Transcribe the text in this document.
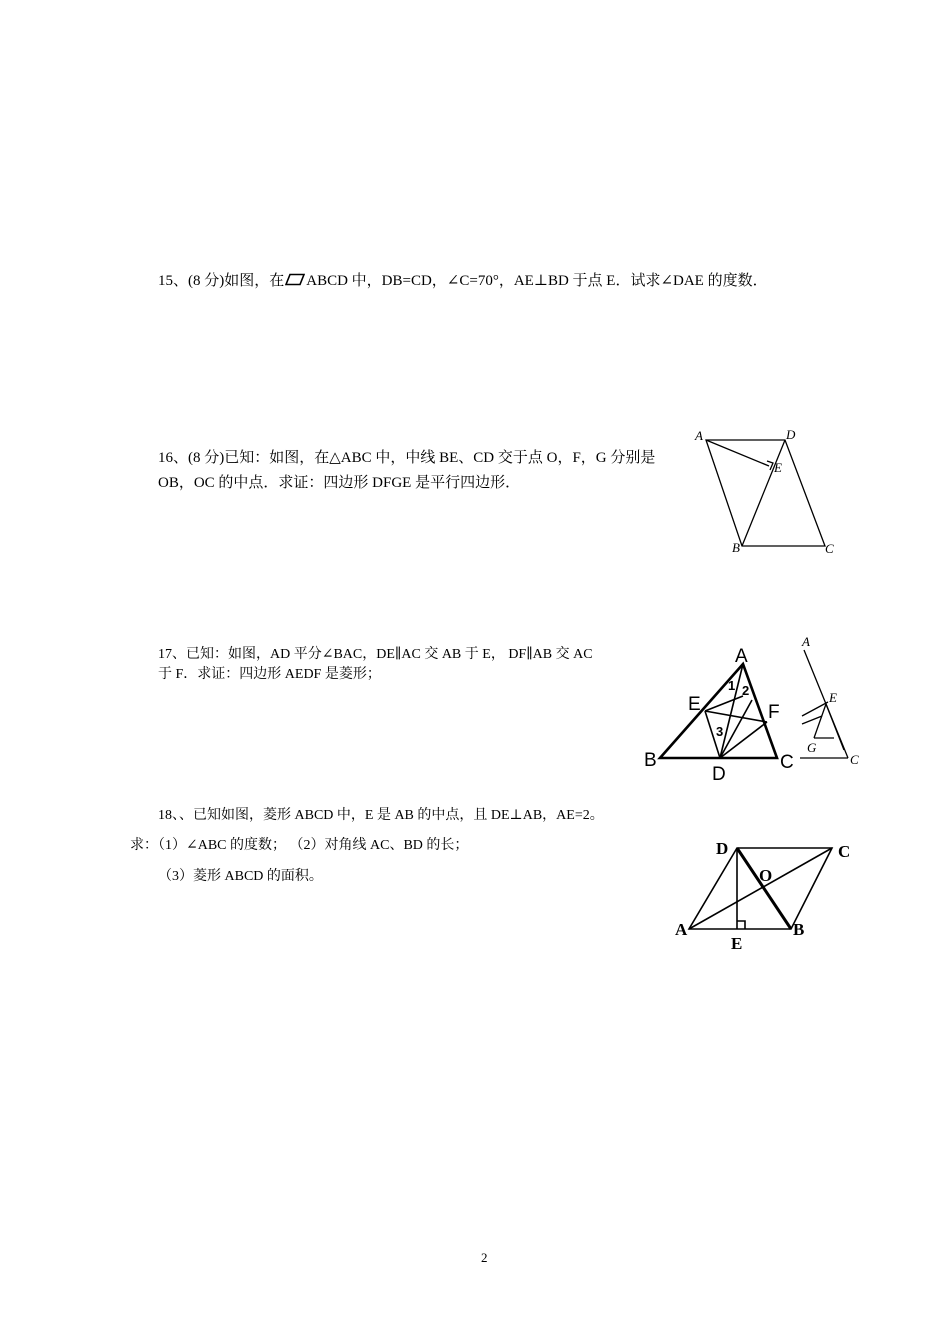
15、(8 分)如图，在 ABCD 中，DB=CD，∠C=70°，AE⊥BD 于点 E．试求∠DAE 的度数．
16、(8 分)已知：如图，在△ABC 中，中线 BE、CD 交于点 O，F，G 分别是
OB，OC 的中点．求证：四边形 DFGE 是平行四边形．
A	D
E
B	C
17、已知：如图，AD 平分∠BAC，DE∥AC 交 AB 于 E， DF∥AB 交 AC
于 F．求证：四边形 AEDF 是菱形；
A
E	F
B
D
C
1 2
3
A
E
G
C
18、、已知如图，菱形 ABCD 中，E 是 AB 的中点，且 DE⊥AB，AE=2。
求：（1）∠ABC 的度数； （2）对角线 AC、BD 的长；
（3）菱形 ABCD 的面积。
D	C
O
A
E
B
2
